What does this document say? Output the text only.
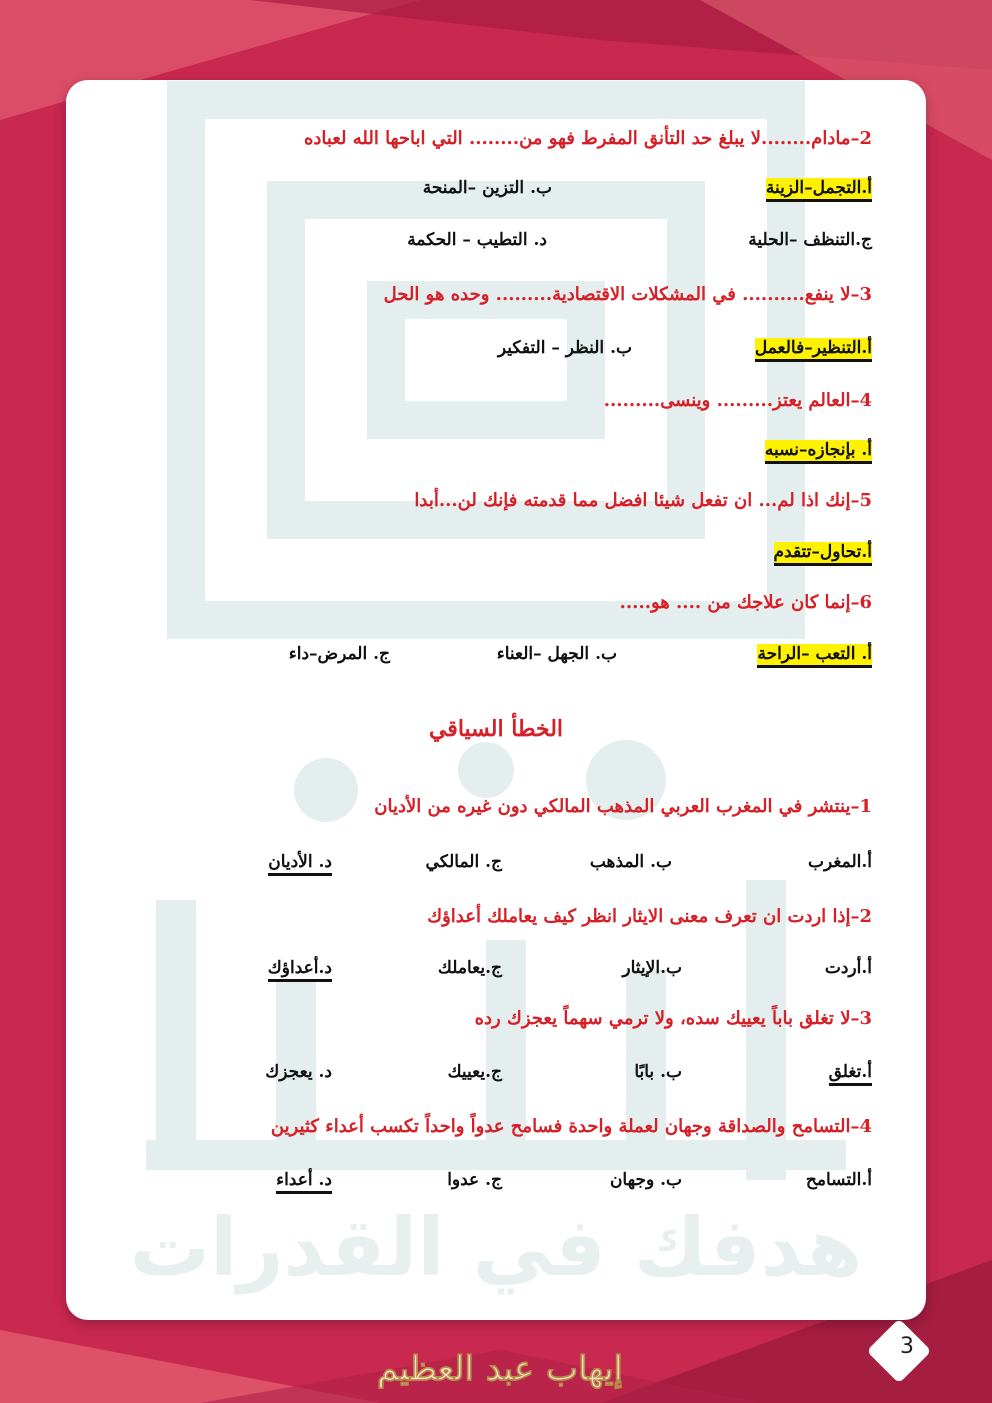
هدفك في القدرات
2–مادام........لا يبلغ حد التأنق المفرط فهو من........ التي اباحها الله لعباده
أ.التجمل–الزينة
ب. التزين –المنحة
ج.التنظف –الحلية
د. التطيب – الحكمة
3–لا ينفع.......... في المشكلات الاقتصادية......... وحده هو الحل
أ.التنظير–فالعمل
ب. النظر – التفكير
4–العالم يعتز......... وينسى.........
أ. بإنجازه–نسبه
5–إنك اذا لم... ان تفعل شيئا افضل مما قدمته فإنك لن...أبدا
أ.تحاول–تتقدم
6–إنما كان علاجك من .... هو.....
أ. التعب –الراحة
ب. الجهل –العناء
ج. المرض–داء
الخطأ السياقي
1–ينتشر في المغرب العربي المذهب المالكي دون غيره من الأديان
أ.المغرب
ب. المذهب
ج. المالكي
د. الأديان
2–إذا اردت ان تعرف معنى الايثار انظر كيف يعاملك أعداؤك
أ.أردت
ب.الإيثار
ج.يعاملك
د.أعداؤك
3–لا تغلق باباً يعييك سده، ولا ترمي سهماً يعجزك رده
أ.تغلق
ب. بابًا
ج.يعييك
د. يعجزك
4–التسامح والصداقة وجهان لعملة واحدة فسامح عدواً واحداً تكسب أعداء كثيرين
أ.التسامح
ب. وجهان
ج. عدوا
د. أعداء
إيهاب عبد العظيم
3
